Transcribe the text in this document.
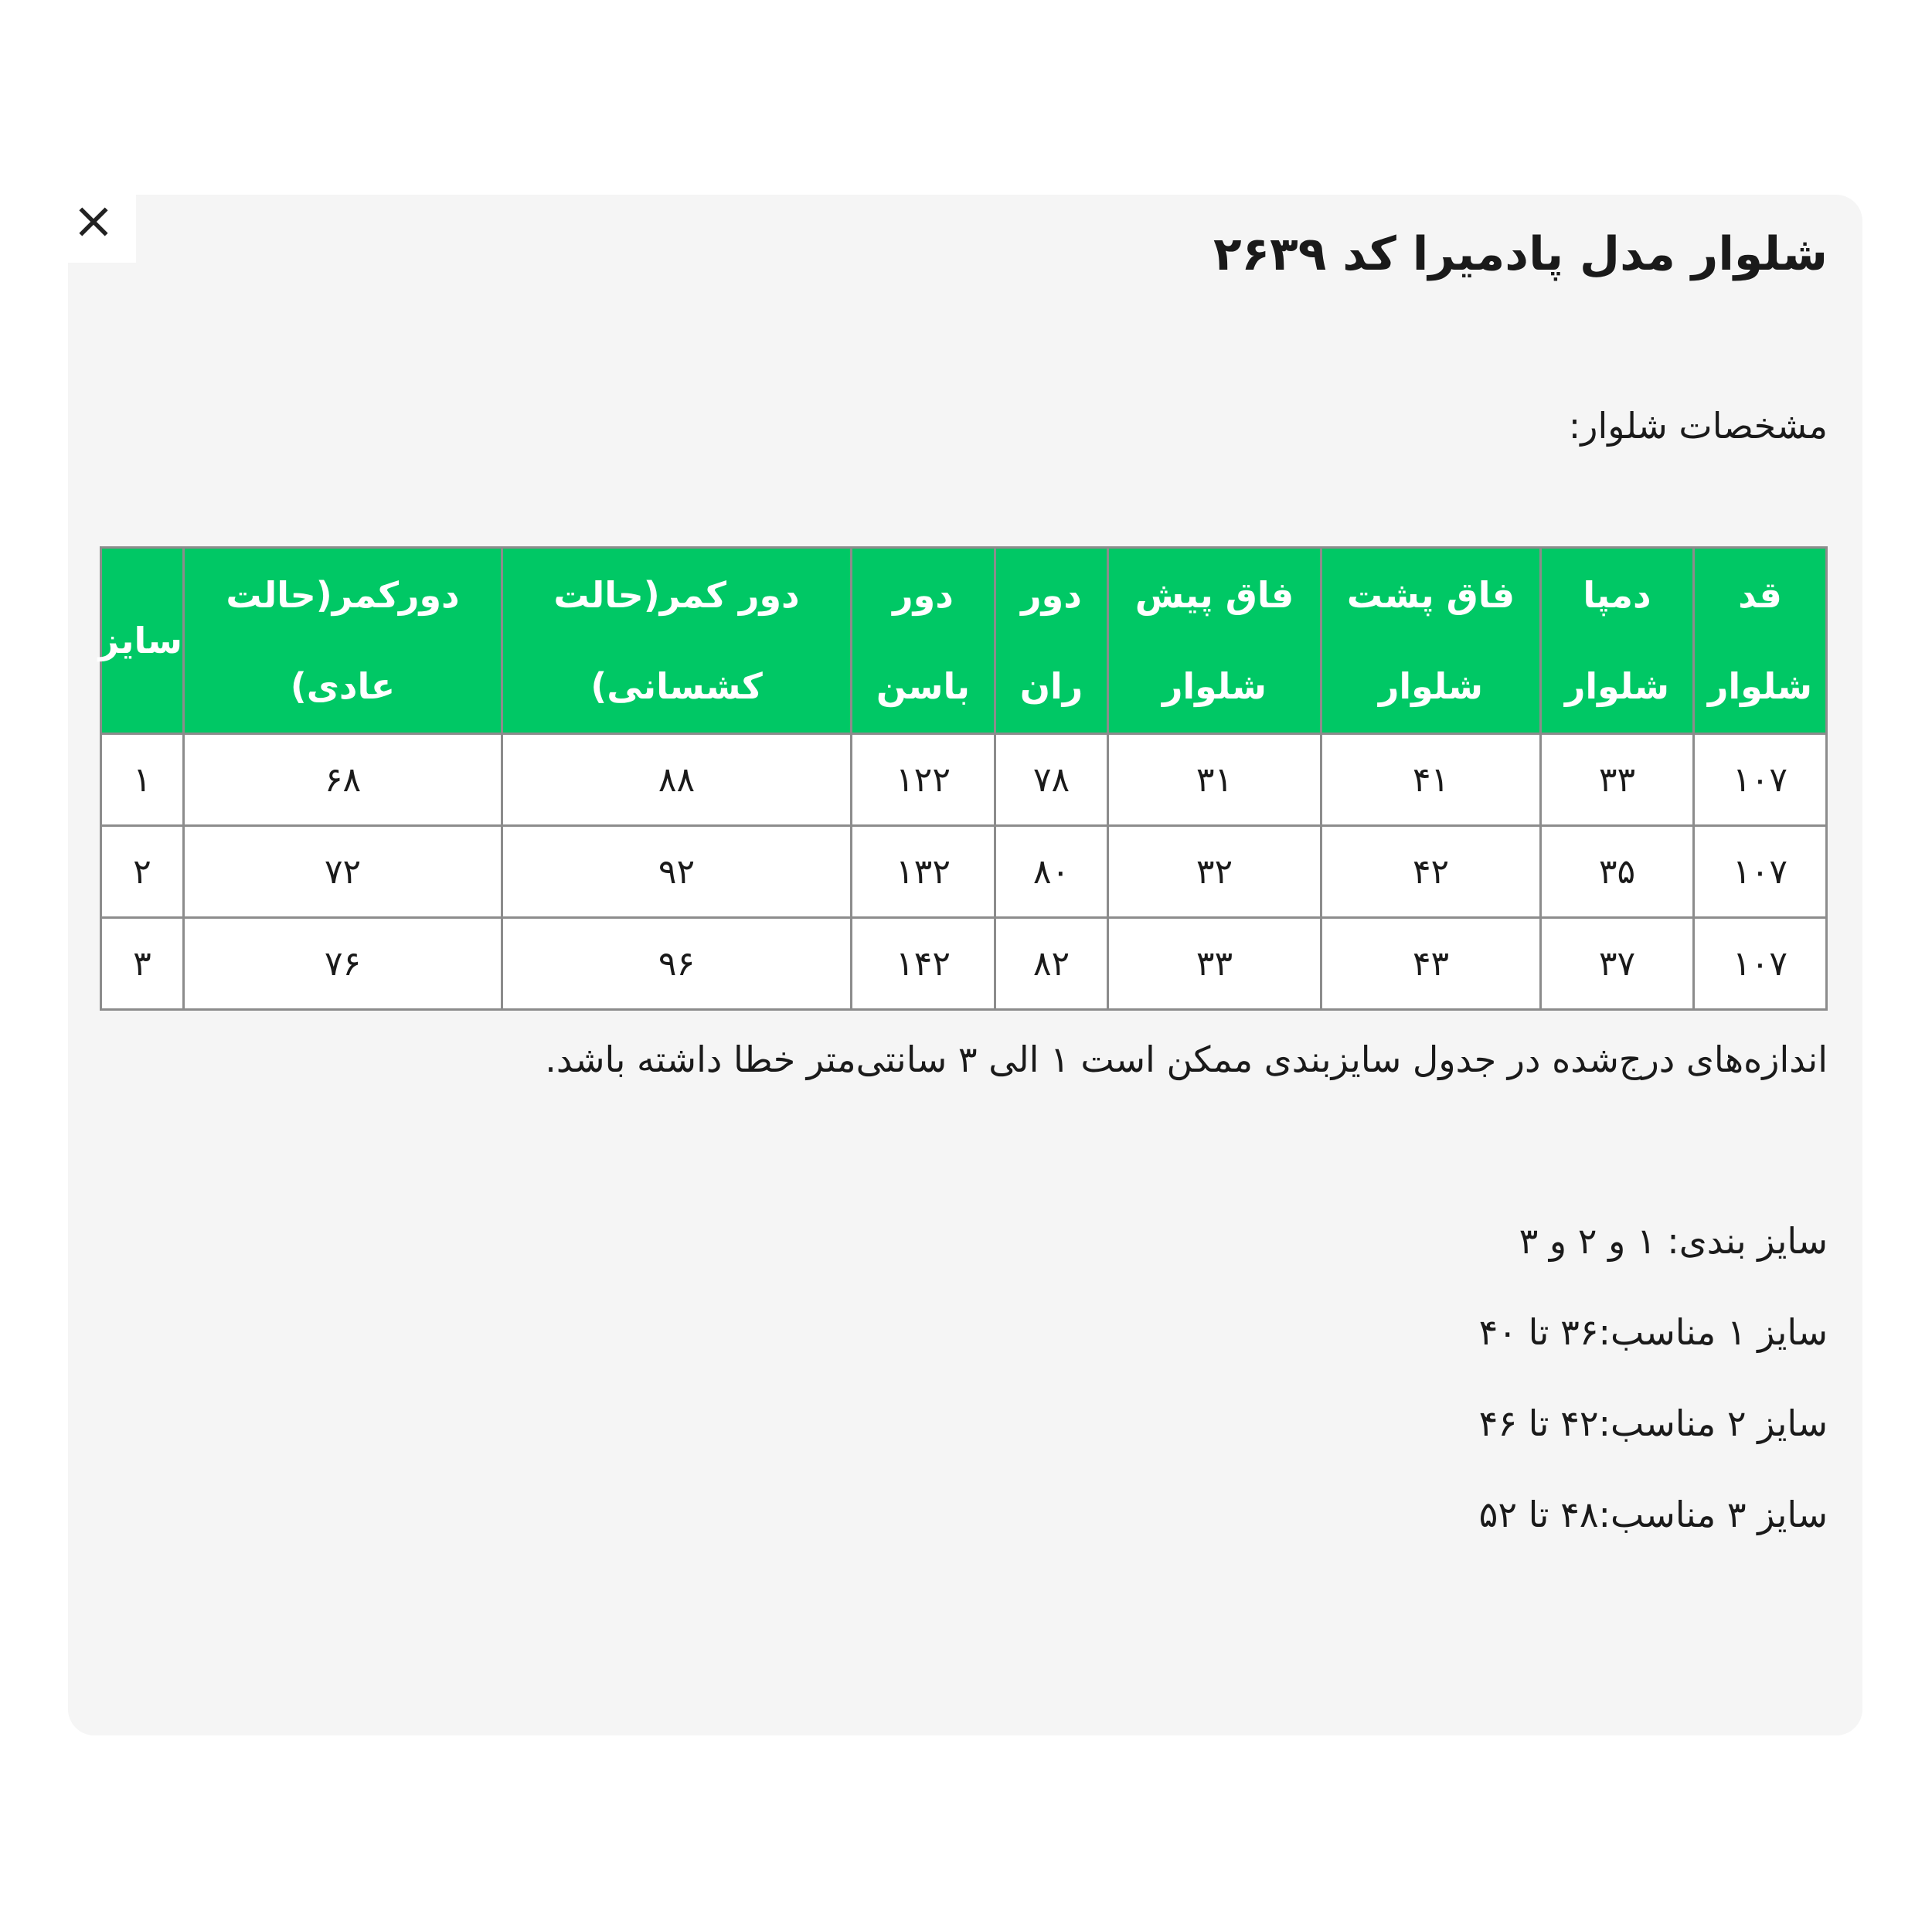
شلوار مدل پادمیرا کد ۲۶۳۹
مشخصات شلوار:
قد شلوار	دمپا شلوار	فاق پشت شلوار	فاق پیش شلوار	دور ران	دور باسن	دور کمر(حالت کشسانی)	دورکمر(حالت عادی)	سایز
۱۰۷	۳۳	۴۱	۳۱	۷۸	۱۲۲	۸۸	۶۸	۱
۱۰۷	۳۵	۴۲	۳۲	۸۰	۱۳۲	۹۲	۷۲	۲
۱۰۷	۳۷	۴۳	۳۳	۸۲	۱۴۲	۹۶	۷۶	۳
اندازه‌های درج‌شده در جدول سایزبندی ممکن است ۱ الی ۳ سانتی‌متر خطا داشته باشد.
سایز بندی: ۱ و ۲ و ۳
سایز ۱ مناسب:۳۶ تا ۴۰
سایز ۲ مناسب:۴۲ تا ۴۶
سایز ۳ مناسب:۴۸ تا ۵۲
